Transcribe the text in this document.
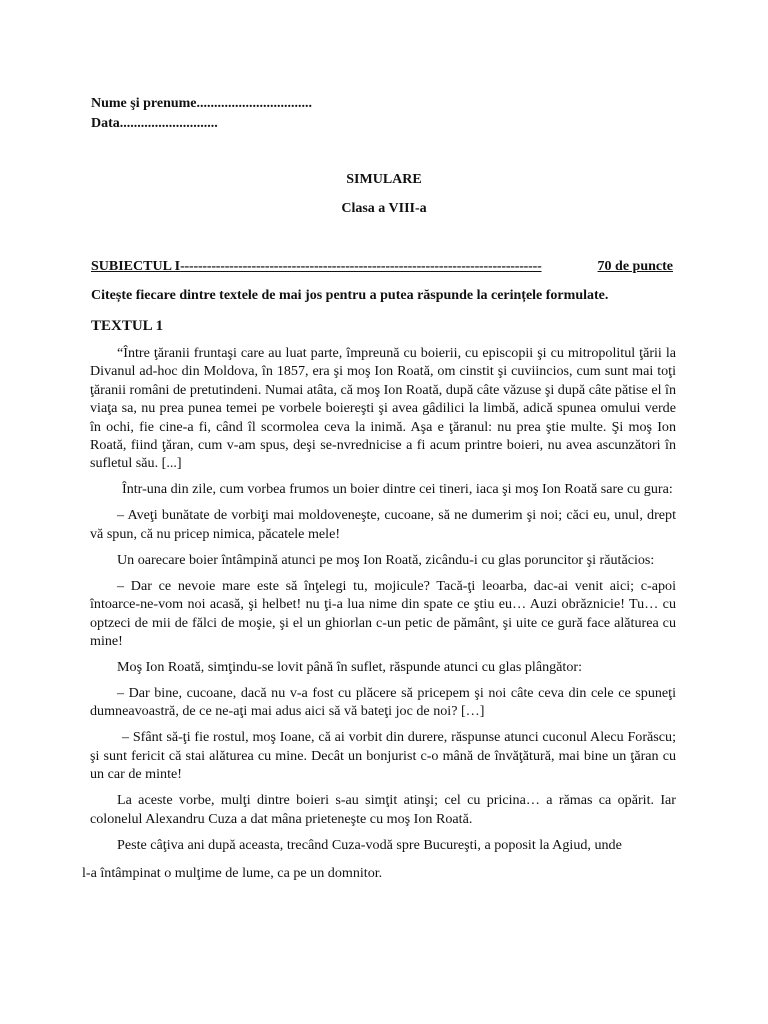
Nume şi prenume.................................
Data............................
SIMULARE
Clasa a VIII-a
SUBIECTUL I ---------------------------------------------------------------------------------	70 de puncte
Citește fiecare dintre textele de mai jos pentru a putea răspunde la cerințele formulate.
TEXTUL 1

“Între ţăranii fruntaşi care au luat parte, împreună cu boierii, cu episcopii şi cu mitropolitul ţării la Divanul ad-hoc din Moldova, în 1857, era şi moş Ion Roată, om cinstit şi cuviincios, cum sunt mai toţi ţăranii români de pretutindeni. Numai atâta, că moş Ion Roată, după câte văzuse şi după câte pătise el în viaţa sa, nu prea punea temei pe vorbele boiereşti şi avea gâdilici la limbă, adică spunea omului verde în ochi, fie cine-a fi, când îl scormolea ceva la inimă. Aşa e ţăranul: nu prea ştie multe. Şi moş Ion Roată, fiind ţăran, cum v-am spus, deşi se-nvrednicise a fi acum printre boieri, nu avea ascunzători în sufletul său. [...]

Într-una din zile, cum vorbea frumos un boier dintre cei tineri, iaca şi moş Ion Roată sare cu gura:

– Aveţi bunătate de vorbiţi mai moldoveneşte, cucoane, să ne dumerim şi noi; căci eu, unul, drept vă spun, că nu pricep nimica, păcatele mele!

Un oarecare boier întâmpină atunci pe moş Ion Roată, zicându-i cu glas poruncitor şi răutăcios:

– Dar ce nevoie mare este să înţelegi tu, mojicule? Tacă-ţi leoarba, dac-ai venit aici; c-apoi întoarce-ne-vom noi acasă, şi helbet! nu ţi-a lua nime din spate ce ştiu eu… Auzi obrăznicie! Tu… cu optzeci de mii de fălci de moşie, şi el un ghiorlan c-un petic de pământ, şi uite ce gură face alăturea cu mine!

Moş Ion Roată, simţindu-se lovit până în suflet, răspunde atunci cu glas plângător:

– Dar bine, cucoane, dacă nu v-a fost cu plăcere să pricepem şi noi câte ceva din cele ce spuneţi dumneavoastră, de ce ne-aţi mai adus aici să vă bateţi joc de noi? […]

– Sfânt să-ţi fie rostul, moş Ioane, că ai vorbit din durere, răspunse atunci cuconul Alecu Forăscu; şi sunt fericit că stai alăturea cu mine. Decât un bonjurist c-o mână de învăţătură, mai bine un ţăran cu un car de minte!

La aceste vorbe, mulţi dintre boieri s-au simţit atinşi; cel cu pricina… a rămas ca opărit. Iar colonelul Alexandru Cuza a dat mâna prieteneşte cu moş Ion Roată.

Peste câţiva ani după aceasta, trecând Cuza-vodă spre Bucureşti, a poposit la Agiud, unde

l-a întâmpinat o mulţime de lume, ca pe un domnitor.
